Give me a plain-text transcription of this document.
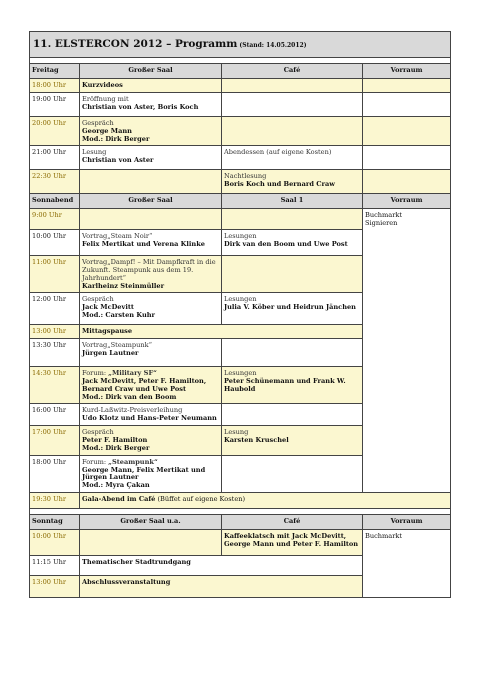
11. ELSTERCON 2012 – Programm (Stand: 14.05.2012)			

Freitag	Großer Saal	Café	Vorraum
18:00 Uhr	Kurzvideos		

19:00 Uhr	Eröffnung mit
Christian von Aster, Boris Koch		

20:00 Uhr	Gespräch
George Mann
Mod.: Dirk Berger		

21:00 Uhr	Lesung
Christian von Aster	Abendessen (auf eigene Kosten)	

22:30 Uhr		Nachtlesung
Boris Koch und Bernard Craw	

Sonnabend	Großer Saal	Saal 1	Vorraum
9:00 Uhr			Buchmarkt
Signieren

10:00 Uhr	Vortrag„Steam Noir“
Felix Mertikat und Verena Klinke	Lesungen
Dirk van den Boom und Uwe Post	

11:00 Uhr	Vortrag„Dampf! – Mit Dampfkraft in die Zukunft. Steampunk aus dem 19. Jahrhundert“
Karlheinz Steinmüller		

12:00 Uhr	Gespräch
Jack McDevitt
Mod.: Carsten Kuhr	Lesungen
Julia V. Köber und Heidrun Jänchen	

13:00 Uhr	Mittagspause		

13:30 Uhr	Vortrag„Steampunk“
Jürgen Lautner		

14:30 Uhr	Forum: „Military SF“
Jack McDevitt, Peter F. Hamilton, Bernard Craw und Uwe Post
Mod.: Dirk van den Boom	Lesungen
Peter Schünemann und Frank W. Haubold	

16:00 Uhr	Kurd-Laßwitz-Preisverleihung
Udo Klotz und Hans-Peter Neumann		

17:00 Uhr	Gespräch
Peter F. Hamilton
Mod.: Dirk Berger	Lesung
Karsten Kruschel	

18:00 Uhr	Forum: „Steampunk“
George Mann, Felix Mertikat und Jürgen Lautner
Mod.: Myra Çakan		

19:30 Uhr	Gala-Abend im Café (Büffet auf eigene Kosten)		

Sonntag	Großer Saal u.a.	Café	Vorraum
10:00 Uhr		Kaffeeklatsch mit Jack McDevitt, George Mann und Peter F. Hamilton	Buchmarkt

11:15 Uhr	Thematischer Stadtrundgang		

13:00 Uhr	Abschlussveranstaltung		
